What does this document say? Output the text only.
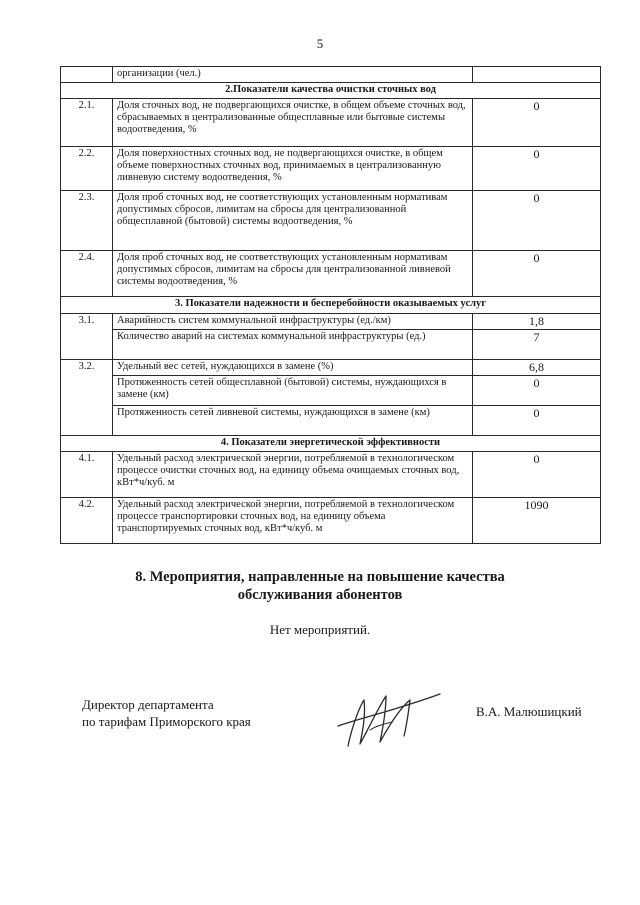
5
	организации (чел.)	
2.Показатели качества очистки сточных вод		
2.1.	Доля сточных вод, не подвергающихся очистке, в общем объеме сточных вод, сбрасываемых в централизованные общесплавные или бытовые системы водоотведения, %	0
2.2.	Доля поверхностных сточных вод, не подвергающихся очистке, в общем объеме поверхностных сточных вод, принимаемых в централизованную ливневую систему водоотведения, %	0
2.3.	Доля проб сточных вод, не соответствующих установленным нормативам допустимых сбросов, лимитам на сбросы для централизованной общесплавной (бытовой) системы водоотведения, %	0
2.4.	Доля проб сточных вод, не соответствующих установленным нормативам допустимых сбросов, лимитам на сбросы для централизованной ливневой системы водоотведения, %	0
3. Показатели надежности и бесперебойности оказываемых услуг		
3.1.	Аварийность систем коммунальной инфраструктуры (ед./км)	1,8
	Количество аварий на системах коммунальной инфраструктуры (ед.)	7
3.2.	Удельный вес сетей, нуждающихся в замене (%)	6,8
	Протяженность сетей общесплавной (бытовой) системы, нуждающихся в замене (км)	0
	Протяженность сетей ливневой системы, нуждающихся в замене (км)	0
4. Показатели энергетической эффективности		
4.1.	Удельный расход электрической энергии, потребляемой в технологическом процессе очистки сточных вод, на единицу объема очищаемых сточных вод, кВт*ч/куб. м	0
4.2.	Удельный расход электрической энергии, потребляемой в технологическом процессе транспортировки сточных вод, на единицу объема транспортируемых сточных вод, кВт*ч/куб. м	1090
8. Мероприятия, направленные на повышение качества
обслуживания абонентов
Нет мероприятий.
Директор департамента
по тарифам Приморского края
В.А. Малюшицкий
